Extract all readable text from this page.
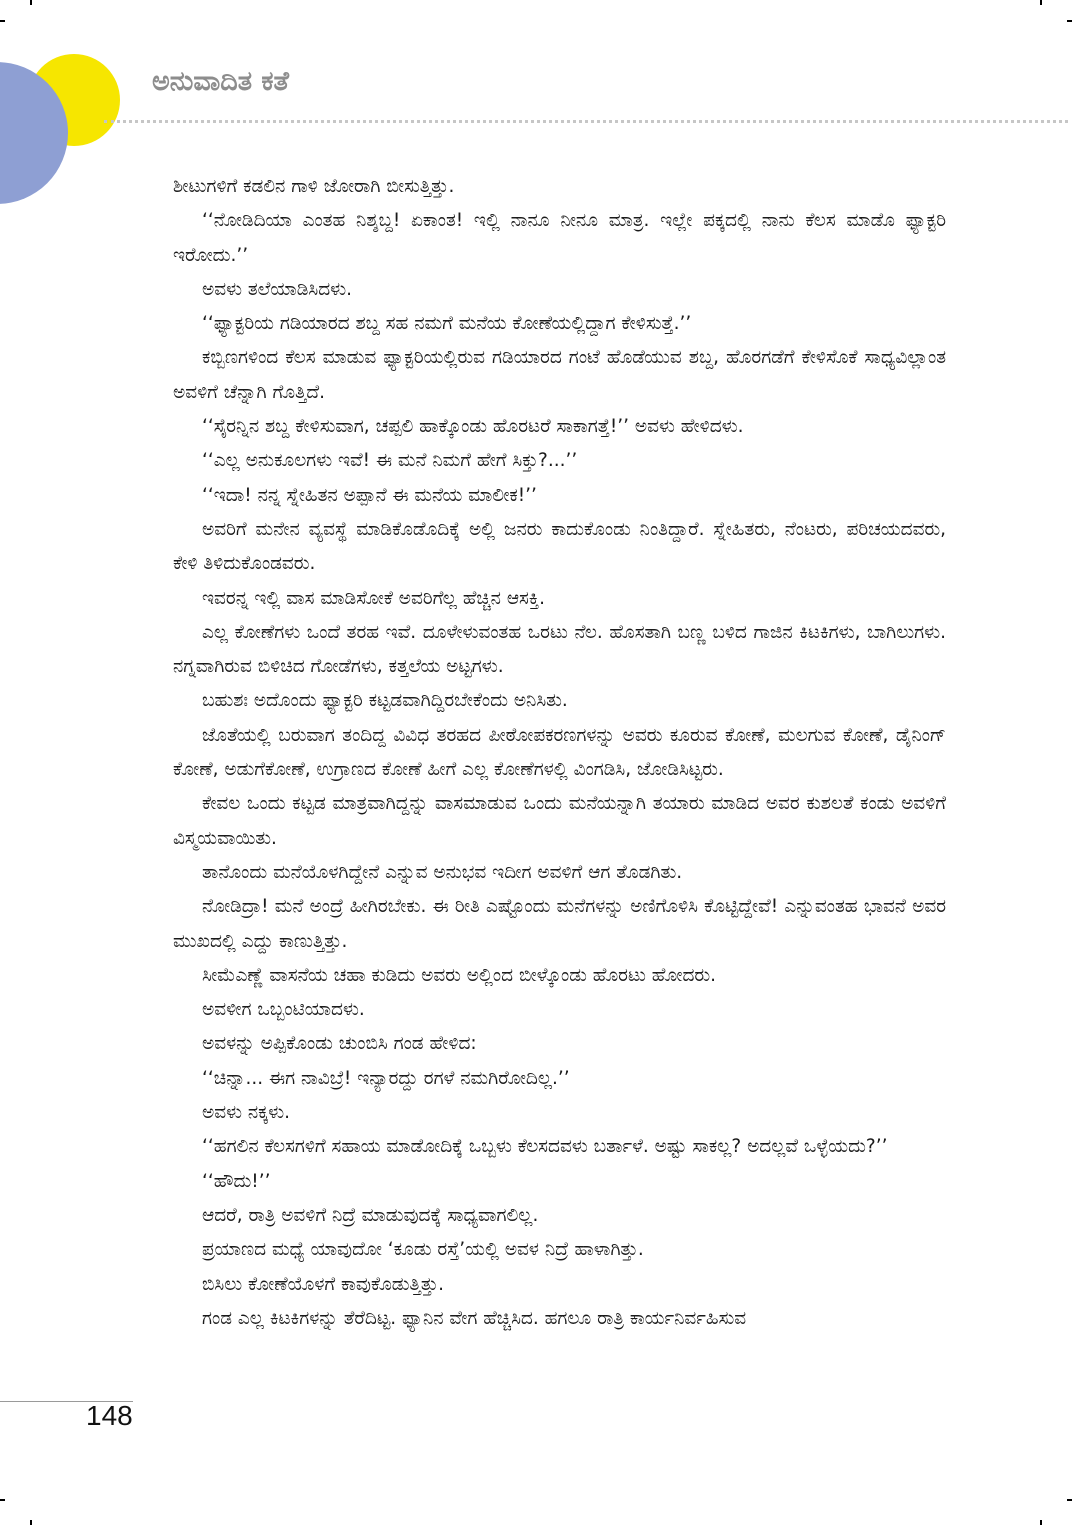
ಅನುವಾದಿತ ಕತೆ

ಶೀಟುಗಳಿಗೆ ಕಡಲಿನ ಗಾಳಿ ಜೋರಾಗಿ ಬೀಸುತ್ತಿತ್ತು.

‘‘ನೋಡಿದಿಯಾ ಎಂತಹ ನಿಶ್ಶಬ್ದ! ಏಕಾಂತ! ಇಲ್ಲಿ ನಾನೂ ನೀನೂ ಮಾತ್ರ. ಇಲ್ಲೇ ಪಕ್ಕದಲ್ಲಿ ನಾನು ಕೆಲಸ ಮಾಡೊ ಫ್ಯಾಕ್ಟರಿ ಇರೋದು.’’

ಅವಳು ತಲೆಯಾಡಿಸಿದಳು.

‘‘ಫ್ಯಾಕ್ಟರಿಯ ಗಡಿಯಾರದ ಶಬ್ದ ಸಹ ನಮಗೆ ಮನೆಯ ಕೋಣೆಯಲ್ಲಿದ್ದಾಗ ಕೇಳಿಸುತ್ತೆ.’’

ಕಬ್ಬಿಣಗಳಿಂದ ಕೆಲಸ ಮಾಡುವ ಫ್ಯಾಕ್ಟರಿಯಲ್ಲಿರುವ ಗಡಿಯಾರದ ಗಂಟೆ ಹೊಡೆಯುವ ಶಬ್ದ, ಹೊರಗಡೆಗೆ ಕೇಳಿಸೊಕೆ ಸಾಧ್ಯವಿಲ್ಲಾಂತ ಅವಳಿಗೆ ಚೆನ್ನಾಗಿ ಗೊತ್ತಿದೆ.

‘‘ಸೈರನ್ನಿನ ಶಬ್ದ ಕೇಳಿಸುವಾಗ, ಚಪ್ಪಲಿ ಹಾಕ್ಕೊಂಡು ಹೊರಟರೆ ಸಾಕಾಗತ್ತೆ!’’ ಅವಳು ಹೇಳಿದಳು.

‘‘ಎಲ್ಲ ಅನುಕೂಲಗಳು ಇವೆ! ಈ ಮನೆ ನಿಮಗೆ ಹೇಗೆ ಸಿಕ್ತು?...’’

‘‘ಇದಾ! ನನ್ನ ಸ್ನೇಹಿತನ ಅಪ್ಪಾನೆ ಈ ಮನೆಯ ಮಾಲೀಕ!’’

ಅವರಿಗೆ ಮನೇನ ವ್ಯವಸ್ಥೆ ಮಾಡಿಕೊಡೊದಿಕ್ಕೆ ಅಲ್ಲಿ ಜನರು ಕಾದುಕೊಂಡು ನಿಂತಿದ್ದಾರೆ. ಸ್ನೇಹಿತರು, ನೆಂಟರು, ಪರಿಚಯದವರು, ಕೇಳಿ ತಿಳಿದುಕೊಂಡವರು.

ಇವರನ್ನ ಇಲ್ಲಿ ವಾಸ ಮಾಡಿಸೋಕೆ ಅವರಿಗೆಲ್ಲ ಹೆಚ್ಚಿನ ಆಸಕ್ತಿ.

ಎಲ್ಲ ಕೋಣೆಗಳು ಒಂದೆ ತರಹ ಇವೆ. ದೂಳೇಳುವಂತಹ ಒರಟು ನೆಲ. ಹೊಸತಾಗಿ ಬಣ್ಣ ಬಳಿದ ಗಾಜಿನ ಕಿಟಕಿಗಳು, ಬಾಗಿಲುಗಳು. ನಗ್ನವಾಗಿರುವ ಬಿಳಿಚಿದ ಗೋಡೆಗಳು, ಕತ್ತಲೆಯ ಅಟ್ಟಗಳು.

ಬಹುಶಃ ಅದೊಂದು ಫ್ಯಾಕ್ಟರಿ ಕಟ್ಟಡವಾಗಿದ್ದಿರಬೇಕೆಂದು ಅನಿಸಿತು.

ಜೊತೆಯಲ್ಲಿ ಬರುವಾಗ ತಂದಿದ್ದ ವಿವಿಧ ತರಹದ ಪೀಠೋಪಕರಣಗಳನ್ನು ಅವರು ಕೂರುವ ಕೋಣೆ, ಮಲಗುವ ಕೋಣೆ, ಡೈನಿಂಗ್ ಕೋಣೆ, ಅಡುಗೆಕೋಣೆ, ಉಗ್ರಾಣದ ಕೋಣೆ ಹೀಗೆ ಎಲ್ಲ ಕೋಣೆಗಳಲ್ಲಿ ವಿಂಗಡಿಸಿ, ಜೋಡಿಸಿಟ್ಟರು.

ಕೇವಲ ಒಂದು ಕಟ್ಟಡ ಮಾತ್ರವಾಗಿದ್ದನ್ನು ವಾಸಮಾಡುವ ಒಂದು ಮನೆಯನ್ನಾಗಿ ತಯಾರು ಮಾಡಿದ ಅವರ ಕುಶಲತೆ ಕಂಡು ಅವಳಿಗೆ ವಿಸ್ಮಯವಾಯಿತು.

ತಾನೊಂದು ಮನೆಯೊಳಗಿದ್ದೇನೆ ಎನ್ನುವ ಅನುಭವ ಇದೀಗ ಅವಳಿಗೆ ಆಗ ತೊಡಗಿತು.

ನೋಡಿದ್ರಾ! ಮನೆ ಅಂದ್ರೆ ಹೀಗಿರಬೇಕು. ಈ ರೀತಿ ಎಷ್ಟೊಂದು ಮನೆಗಳನ್ನು ಅಣಿಗೊಳಿಸಿ ಕೊಟ್ಟಿದ್ದೇವೆ! ಎನ್ನುವಂತಹ ಭಾವನೆ ಅವರ ಮುಖದಲ್ಲಿ ಎದ್ದು ಕಾಣುತ್ತಿತ್ತು.

ಸೀಮೆಎಣ್ಣೆ ವಾಸನೆಯ ಚಹಾ ಕುಡಿದು ಅವರು ಅಲ್ಲಿಂದ ಬೀಳ್ಕೊಂಡು ಹೊರಟು ಹೋದರು.

ಅವಳೀಗ ಒಬ್ಬಂಟಿಯಾದಳು.

ಅವಳನ್ನು ಅಪ್ಪಿಕೊಂಡು ಚುಂಬಿಸಿ ಗಂಡ ಹೇಳಿದ:

‘‘ಚಿನ್ನಾ... ಈಗ ನಾವಿಬ್ರೆ! ಇನ್ಯಾರದ್ದು ರಗಳೆ ನಮಗಿರೋದಿಲ್ಲ.’’

ಅವಳು ನಕ್ಕಳು.

‘‘ಹಗಲಿನ ಕೆಲಸಗಳಿಗೆ ಸಹಾಯ ಮಾಡೋದಿಕ್ಕೆ ಒಬ್ಬಳು ಕೆಲಸದವಳು ಬರ್ತಾಳೆ. ಅಷ್ಟು ಸಾಕಲ್ಲ? ಅದಲ್ಲವೆ ಒಳ್ಳೆಯದು?’’

‘‘ಹೌದು!’’

ಆದರೆ, ರಾತ್ರಿ ಅವಳಿಗೆ ನಿದ್ರೆ ಮಾಡುವುದಕ್ಕೆ ಸಾಧ್ಯವಾಗಲಿಲ್ಲ.

ಪ್ರಯಾಣದ ಮಧ್ಯೆ ಯಾವುದೋ ‘ಕೂಡು ರಸ್ತೆ’ಯಲ್ಲಿ ಅವಳ ನಿದ್ರೆ ಹಾಳಾಗಿತ್ತು.

ಬಿಸಿಲು ಕೋಣೆಯೊಳಗೆ ಕಾವುಕೊಡುತ್ತಿತ್ತು.

ಗಂಡ ಎಲ್ಲ ಕಿಟಕಿಗಳನ್ನು ತೆರೆದಿಟ್ಟ. ಫ್ಯಾನಿನ ವೇಗ ಹೆಚ್ಚಿಸಿದ. ಹಗಲೂ ರಾತ್ರಿ ಕಾರ್ಯನಿರ್ವಹಿಸುವ

148
